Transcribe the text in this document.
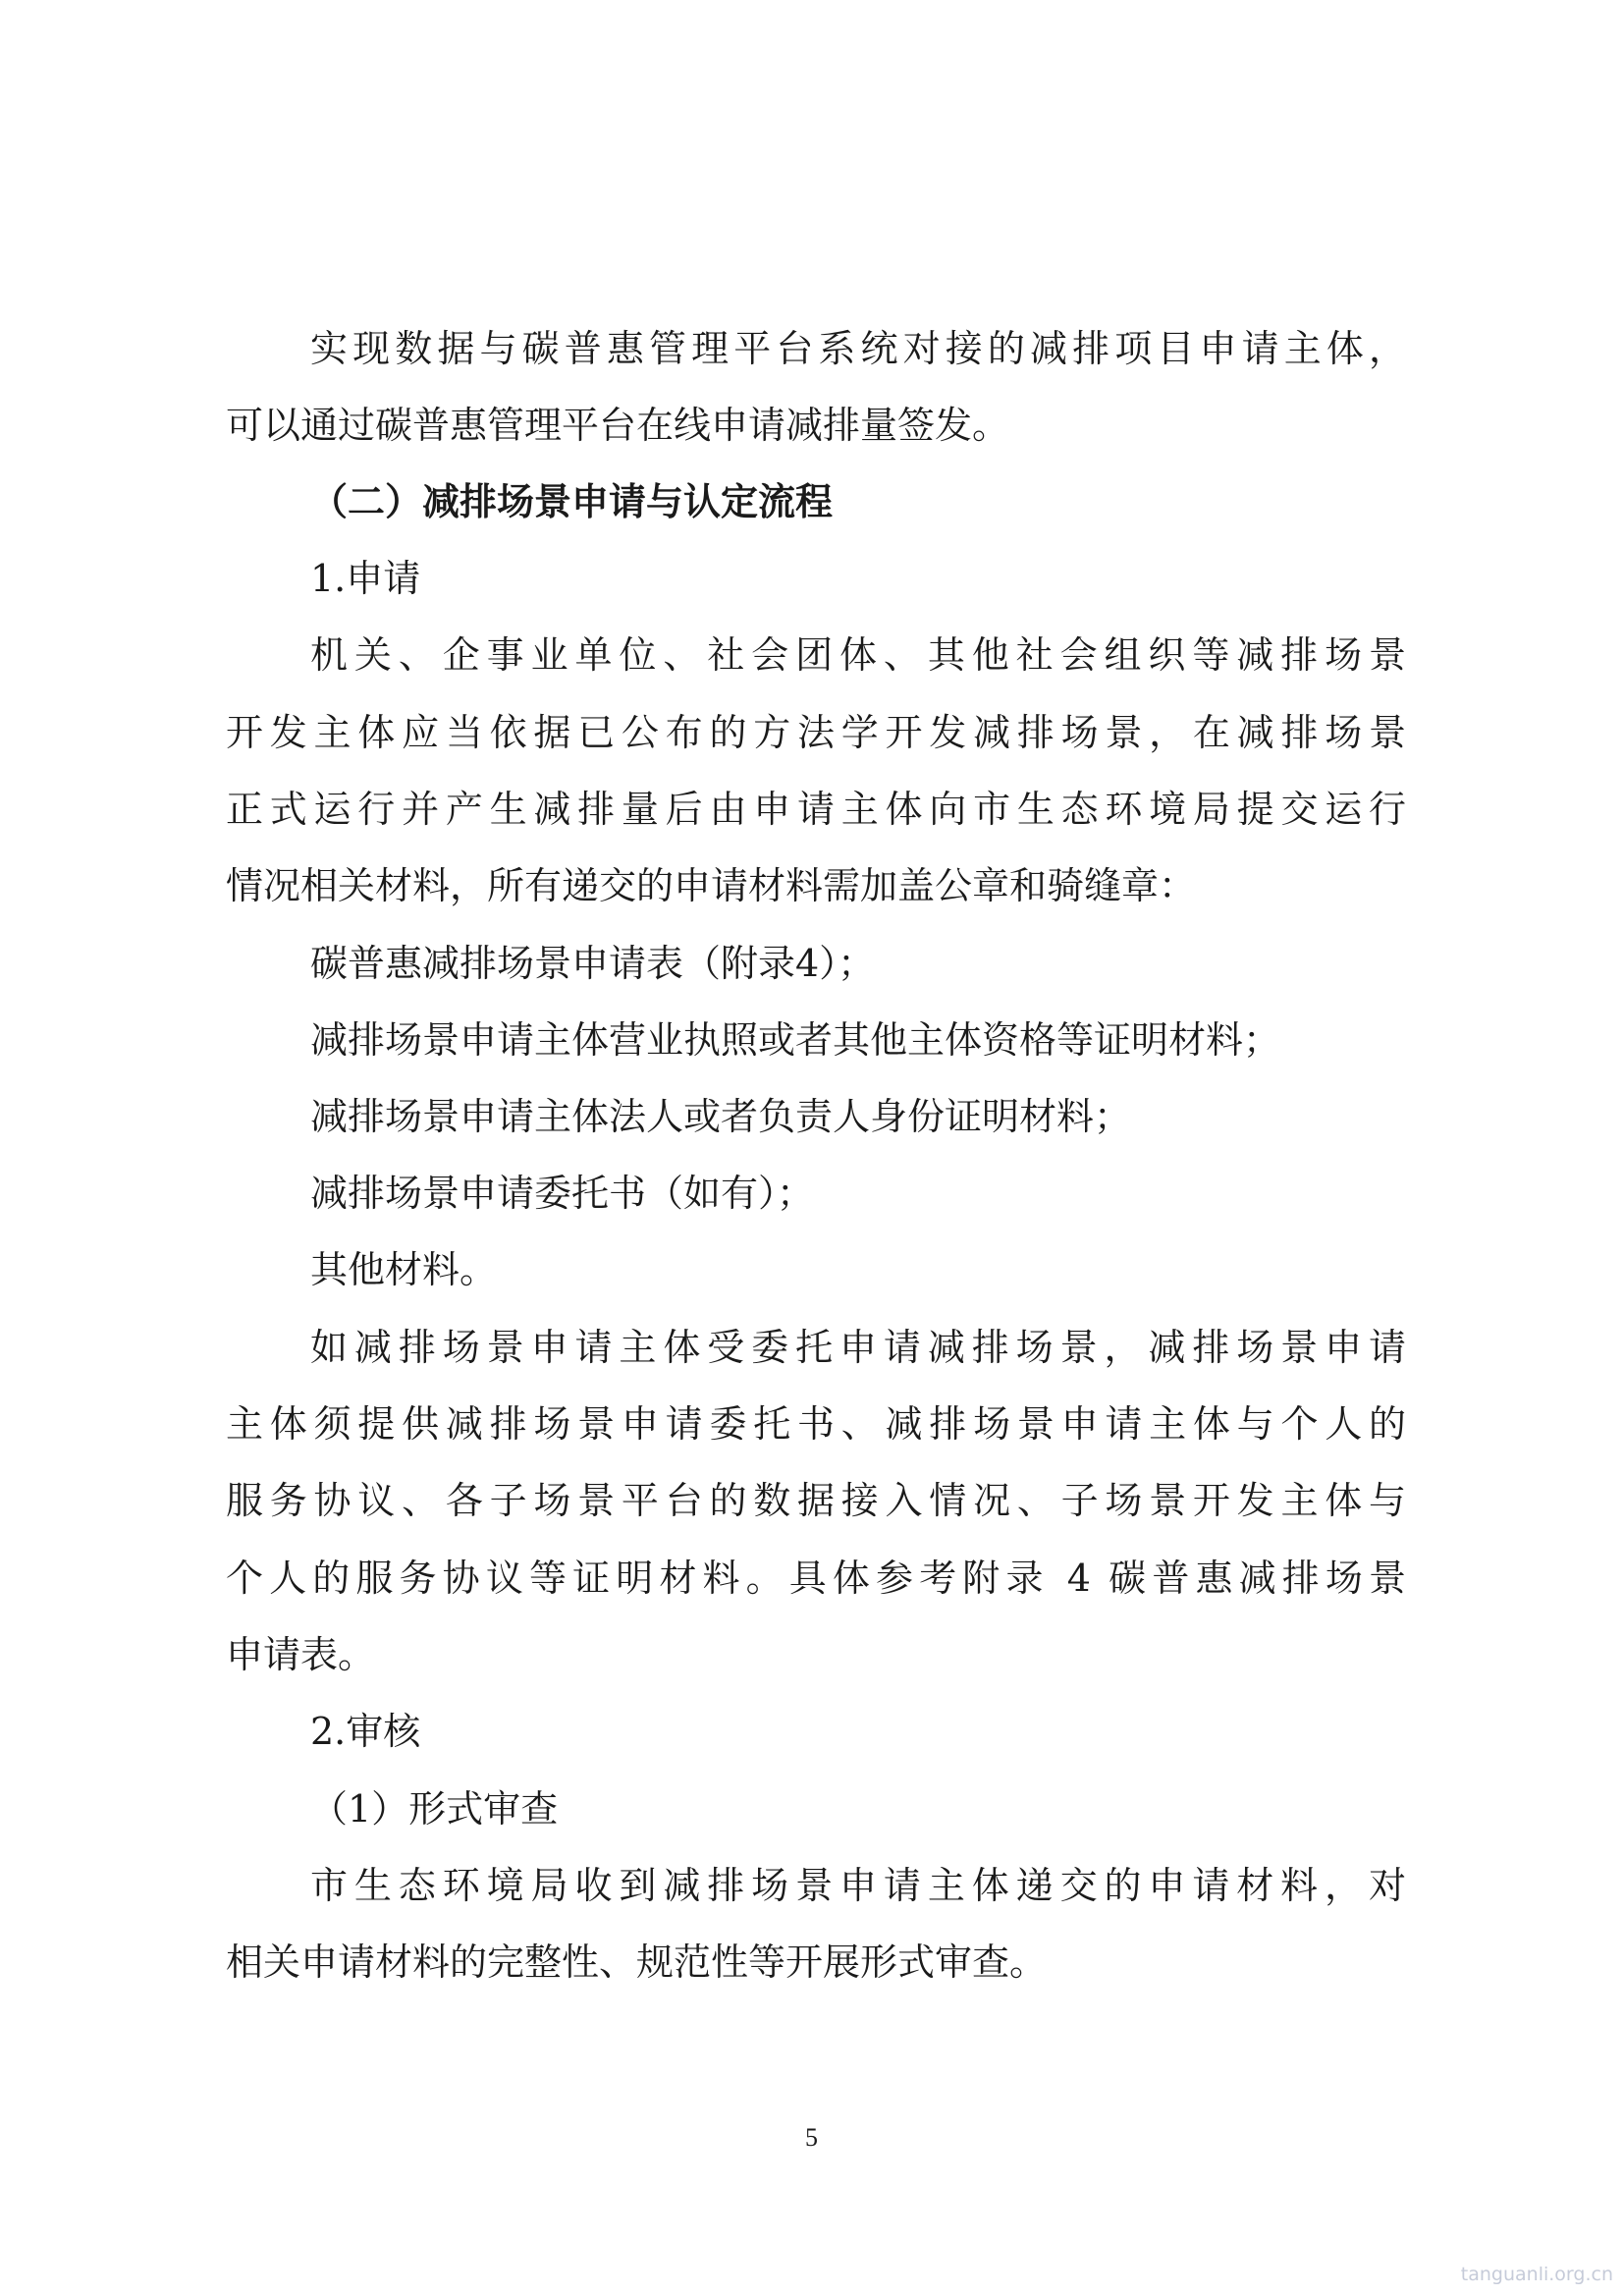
实现数据与碳普惠管理平台系统对接的减排项目申请主体，

可以通过碳普惠管理平台在线申请减排量签发。

（二）减排场景申请与认定流程

1.申请

机关、企事业单位、社会团体、其他社会组织等减排场景

开发主体应当依据已公布的方法学开发减排场景，在减排场景

正式运行并产生减排量后由申请主体向市生态环境局提交运行

情况相关材料，所有递交的申请材料需加盖公章和骑缝章：

碳普惠减排场景申请表（附录4）；

减排场景申请主体营业执照或者其他主体资格等证明材料；

减排场景申请主体法人或者负责人身份证明材料；

减排场景申请委托书（如有）；

其他材料。

如减排场景申请主体受委托申请减排场景，减排场景申请

主体须提供减排场景申请委托书、减排场景申请主体与个人的

服务协议、各子场景平台的数据接入情况、子场景开发主体与

个人的服务协议等证明材料。具体参考附录 4 碳普惠减排场景

申请表。

2.审核

（1）形式审查

市生态环境局收到减排场景申请主体递交的申请材料，对

相关申请材料的完整性、规范性等开展形式审查。

5
tanguanli.org.cn
